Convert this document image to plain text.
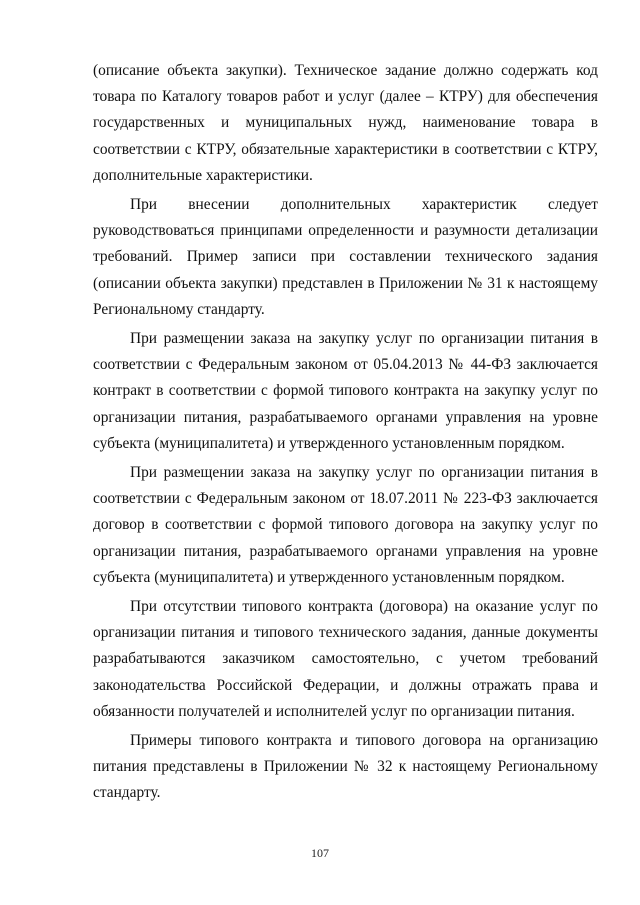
(описание объекта закупки). Техническое задание должно содержать код товара по Каталогу товаров работ и услуг (далее – КТРУ) для обеспечения государственных и муниципальных нужд, наименование товара в соответствии с КТРУ, обязательные характеристики в соответствии с КТРУ, дополнительные характеристики.

При внесении дополнительных характеристик следует руководствоваться принципами определенности и разумности детализации требований. Пример записи при составлении технического задания (описании объекта закупки) представлен в Приложении № 31 к настоящему Региональному стандарту.

При размещении заказа на закупку услуг по организации питания в соответствии с Федеральным законом от 05.04.2013 № 44-ФЗ заключается контракт в соответствии с формой типового контракта на закупку услуг по организации питания, разрабатываемого органами управления на уровне субъекта (муниципалитета) и утвержденного установленным порядком.

При размещении заказа на закупку услуг по организации питания в соответствии с Федеральным законом от 18.07.2011 № 223-ФЗ заключается договор в соответствии с формой типового договора на закупку услуг по организации питания, разрабатываемого органами управления на уровне субъекта (муниципалитета) и утвержденного установленным порядком.

При отсутствии типового контракта (договора) на оказание услуг по организации питания и типового технического задания, данные документы разрабатываются заказчиком самостоятельно, с учетом требований законодательства Российской Федерации, и должны отражать права и обязанности получателей и исполнителей услуг по организации питания.

Примеры типового контракта и типового договора на организацию питания представлены в Приложении № 32 к настоящему Региональному стандарту.

107
